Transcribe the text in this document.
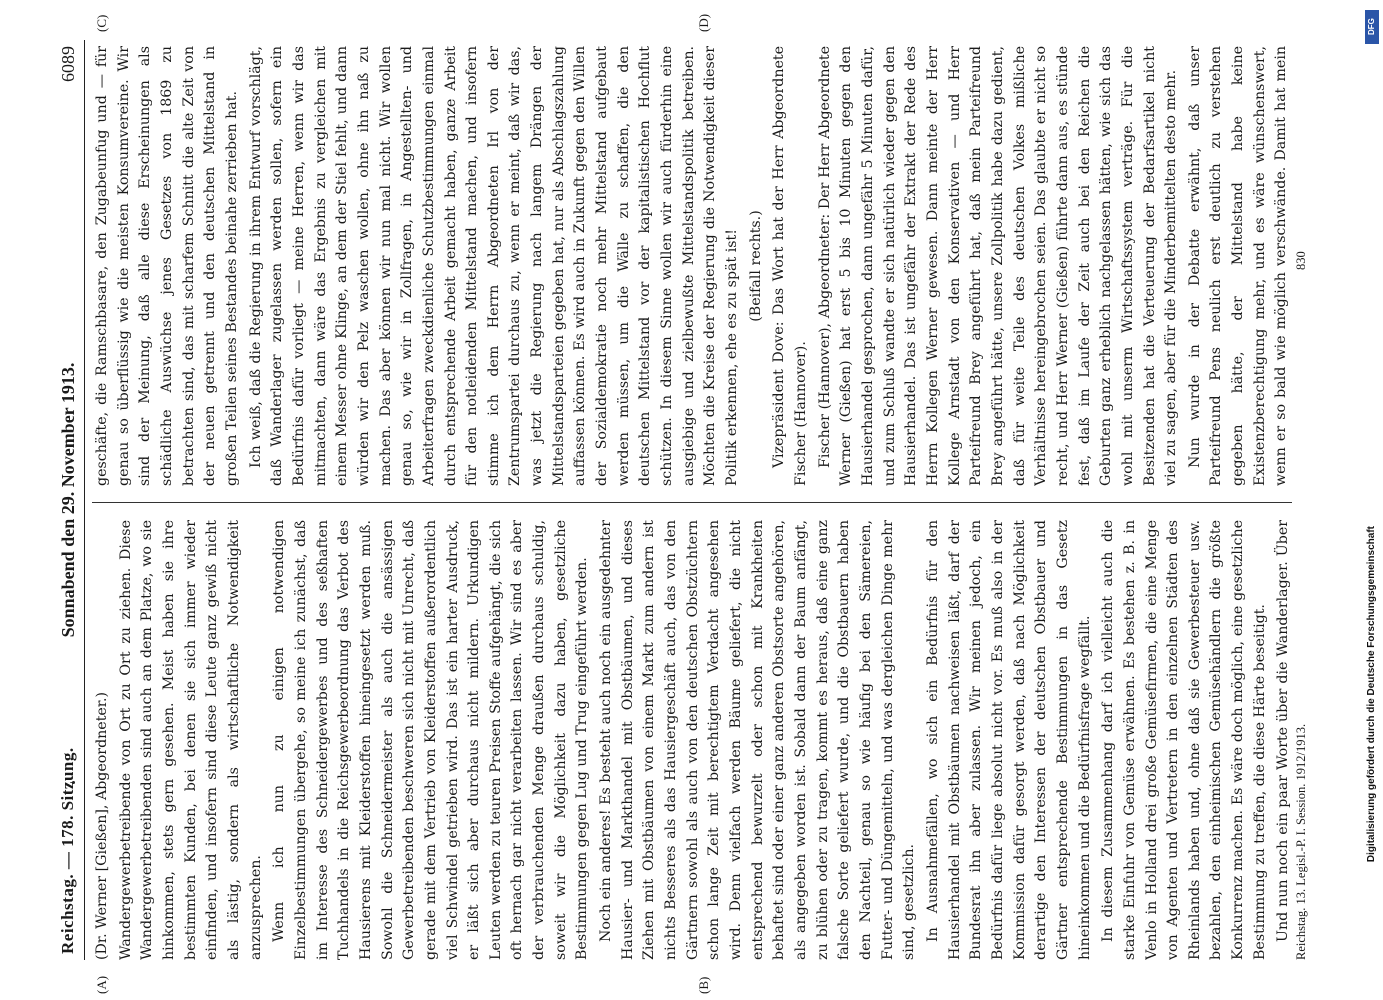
Reichstag. — 178. Sitzung.
Sonnabend den 29. November 1913.
6089
(A)	(B)
(C)	(D)

(Dr. Werner [Gießen], Abgeordneter.) Wandergewerbetreibende von Ort zu Ort zu ziehen. Diese Wandergewerbetreibenden sind auch an dem Platze, wo sie hinkommen, stets gern gesehen. Meist haben sie ihre bestimmten Kunden, bei denen sie sich immer wieder einfinden, und insofern sind diese Leute ganz gewiß nicht als lästig, sondern als wirtschaftliche Notwendigkeit anzusprechen. Wenn ich nun zu einigen notwendigen Einzelbestimmungen übergehe, so meine ich zunächst, daß im Interesse des Schneidergewerbes und des seßhaften Tuchhandels in die Reichsgewerbeordnung das Verbot des Hausierens mit Kleiderstoffen hineingesetzt werden muß. Sowohl die Schneidermeister als auch die ansässigen Gewerbetreibenden beschweren sich nicht mit Unrecht, daß gerade mit dem Vertrieb von Kleiderstoffen außerordentlich viel Schwindel getrieben wird. Das ist ein harter Ausdruck, er läßt sich aber durchaus nicht mildern. Urkundigen Leuten werden zu teuren Preisen Stoffe aufgehängt, die sich oft hernach gar nicht verarbeiten lassen. Wir sind es aber der verbrauchenden Menge draußen durchaus schuldig, soweit wir die Möglichkeit dazu haben, gesetzliche Bestimmungen gegen Lug und Trug eingeführt werden. Noch ein anderes! Es besteht auch noch ein ausgedehnter Hausier- und Markthandel mit Obstbäumen, und dieses Ziehen mit Obstbäumen von einem Markt zum andern ist nichts Besseres als das Hausiergeschäft auch, das von den Gärtnern sowohl als auch von den deutschen Obstzüchtern schon lange Zeit mit berechtigtem Verdacht angesehen wird. Denn vielfach werden Bäume geliefert, die nicht entsprechend bewurzelt oder schon mit Krankheiten behaftet sind oder einer ganz anderen Obstsorte angehören, als angegeben worden ist. Sobald dann der Baum anfängt, zu blühen oder zu tragen, kommt es heraus, daß eine ganz falsche Sorte geliefert wurde, und die Obstbauern haben den Nachteil, genau so wie häufig bei den Sämereien, Futter- und Düngemitteln, und was dergleichen Dinge mehr sind, gesetzlich. In Ausnahmefällen, wo sich ein Bedürfnis für den Hausierhandel mit Obstbäumen nachweisen läßt, darf der Bundesrat ihn aber zulassen. Wir meinen jedoch, ein Bedürfnis dafür liege absolut nicht vor. Es muß also in der Kommission dafür gesorgt werden, daß nach Möglichkeit derartige den Interessen der deutschen Obstbauer und Gärtner entsprechende Bestimmungen in das Gesetz hineinkommen und die Bedürfnisfrage wegfällt. In diesem Zusammenhang darf ich vielleicht auch die starke Einfuhr von Gemüse erwähnen. Es bestehen z. B. in Venlo in Holland drei große Gemüsefirmen, die eine Menge von Agenten und Vertretern in den einzelnen Städten des Rheinlands haben und, ohne daß sie Gewerbesteuer usw. bezahlen, den einheimischen Gemüsehändlern die größte Konkurrenz machen. Es wäre doch möglich, eine gesetzliche Bestimmung zu treffen, die diese Härte beseitigt. Und nun noch ein paar Worte über die Wanderlager. Über

geschäfte, die Ramschbasare, den Zugabeunfug und — für genau so überflüssig wie die meisten Konsumvereine. Wir sind der Meinung, daß alle diese Erscheinungen als schädliche Auswüchse jenes Gesetzes von 1869 zu betrachten sind, das mit scharfem Schnitt die alte Zeit von der neuen getrennt und den deutschen Mittelstand in großen Teilen seines Bestandes beinahe zerrieben hat. Ich weiß, daß die Regierung in ihrem Entwurf vorschlägt, daß Wanderlager zugelassen werden sollen, sofern ein Bedürfnis dafür vorliegt — meine Herren, wenn wir das mitmachten, dann wäre das Ergebnis zu vergleichen mit einem Messer ohne Klinge, an dem der Stiel fehlt, und dann würden wir den Pelz waschen wollen, ohne ihn naß zu machen. Das aber können wir nun mal nicht. Wir wollen genau so, wie wir in Zollfragen, in Angestellten- und Arbeiterfragen zweckdienliche Schutzbestimmungen einmal durch entsprechende Arbeit gemacht haben, ganze Arbeit für den notleidenden Mittelstand machen, und insofern stimme ich dem Herrn Abgeordneten Irl von der Zentrumspartei durchaus zu, wenn er meint, daß wir das, was jetzt die Regierung nach langem Drängen der Mittelstandsparteien gegeben hat, nur als Abschlagszahlung auffassen können. Es wird auch in Zukunft gegen den Willen der Sozialdemokratie noch mehr Mittelstand aufgebaut werden müssen, um die Wälle zu schaffen, die den deutschen Mittelstand vor der kapitalistischen Hochflut schützen. In diesem Sinne wollen wir auch fürderhin eine ausgiebige und zielbewußte Mittelstandspolitik betreiben. Möchten die Kreise der Regierung die Notwendigkeit dieser Politik erkennen, ehe es zu spät ist! (Beifall rechts.) Vizepräsident Dove: Das Wort hat der Herr Abgeordnete Fischer (Hannover). Fischer (Hannover), Abgeordneter: Der Herr Abgeordnete Werner (Gießen) hat erst 5 bis 10 Minuten gegen den Hausierhandel gesprochen, dann ungefähr 5 Minuten dafür, und zum Schluß wandte er sich natürlich wieder gegen den Hausierhandel. Das ist ungefähr der Extrakt der Rede des Herrn Kollegen Werner gewesen. Dann meinte der Herr Kollege Arnstadt von den Konservativen — und Herr Parteifreund Brey angeführt hat, daß mein Parteifreund Brey angeführt hätte, unsere Zollpolitik habe dazu gedient, daß für weite Teile des deutschen Volkes mißliche Verhältnisse hereingebrochen seien. Das glaubte er nicht so recht, und Herr Werner (Gießen) führte dann aus, es stünde fest, daß im Laufe der Zeit auch bei den Reichen die Geburten ganz erheblich nachgelassen hätten, wie sich das wohl mit unserm Wirtschaftssystem verträge. Für die Besitzenden hat die Verteuerung der Bedarfsartikel nicht viel zu sagen, aber für die Minderbemittelten desto mehr. Nun wurde in der Debatte erwähnt, daß unser Parteifreund Pens neulich erst deutlich zu verstehen gegeben hätte, der Mittelstand habe keine Existenzberechtigung mehr, und es wäre wünschenswert, wenn er so bald wie möglich verschwände. Damit hat mein

Reichstag. 13. Legisl.-P. I. Session. 1912/1913.
830
DFG
Digitalisierung gefördert durch die Deutsche Forschungsgemeinschaft
